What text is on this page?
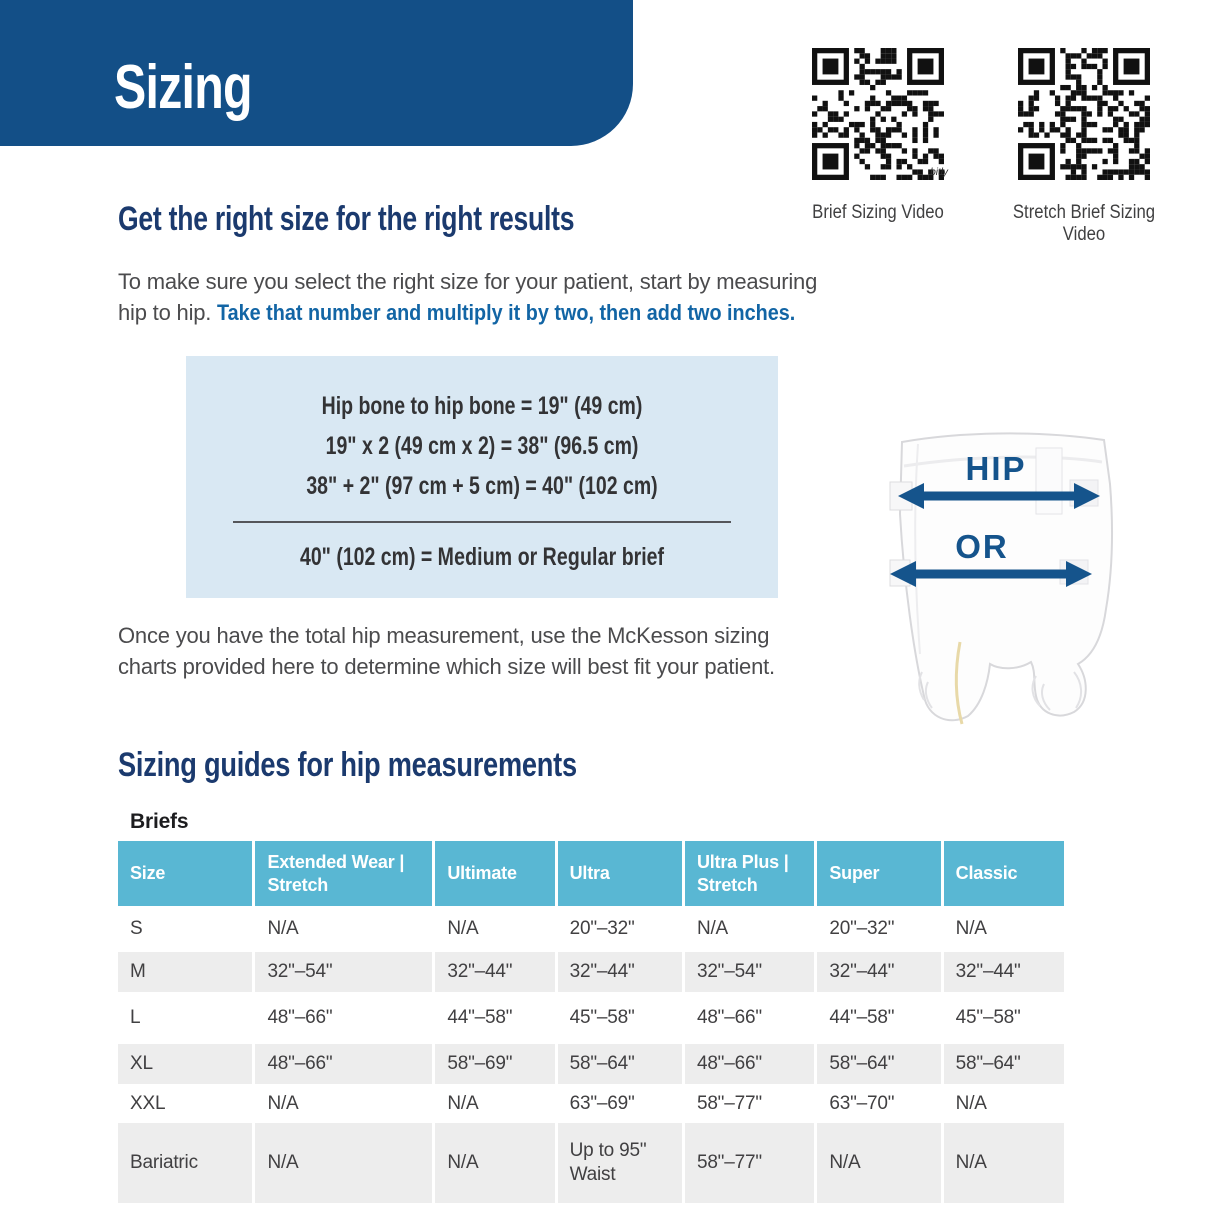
Sizing
bitly
Brief Sizing Video	Stretch Brief Sizing Video
Get the right size for the right results

To make sure you select the right size for your patient, start by measuring
hip to hip. Take that number and multiply it by two, then add two inches.

Hip bone to hip bone = 19" (49 cm)

19" x 2 (49 cm x 2) = 38" (96.5 cm)

38" + 2" (97 cm + 5 cm) = 40" (102 cm)

40" (102 cm) = Medium or Regular brief

HIP
OR

Once you have the total hip measurement, use the McKesson sizing
charts provided here to determine which size will best fit your patient.

Sizing guides for hip measurements

Briefs

Size	Extended Wear | Stretch	Ultimate	Ultra	Ultra Plus | Stretch	Super	Classic
S	N/A	N/A	20"–32"	N/A	20"–32"	N/A
M	32"–54"	32"–44"	32"–44"	32"–54"	32"–44"	32"–44"
L	48"–66"	44"–58"	45"–58"	48"–66"	44"–58"	45"–58"
XL	48"–66"	58"–69"	58"–64"	48"–66"	58"–64"	58"–64"
XXL	N/A	N/A	63"–69"	58"–77"	63"–70"	N/A
Bariatric	N/A	N/A	Up to 95" Waist	58"–77"	N/A	N/A
